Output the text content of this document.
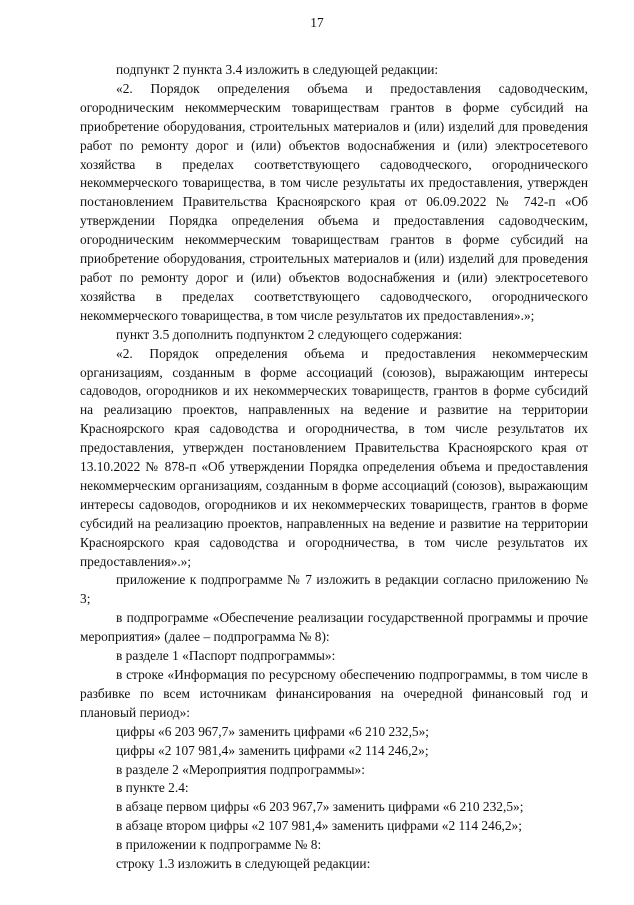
17

подпункт 2 пункта 3.4 изложить в следующей редакции:

«2. Порядок определения объема и предоставления садоводческим, огородническим некоммерческим товариществам грантов в форме субсидий на приобретение оборудования, строительных материалов и (или) изделий для проведения работ по ремонту дорог и (или) объектов водоснабжения и (или) электросетевого хозяйства в пределах соответствующего садоводческого, огороднического некоммерческого товарищества, в том числе результаты их предоставления, утвержден постановлением Правительства Красноярского края от 06.09.2022 № 742-п «Об утверждении Порядка определения объема и предоставления садоводческим, огородническим некоммерческим товариществам грантов в форме субсидий на приобретение оборудования, строительных материалов и (или) изделий для проведения работ по ремонту дорог и (или) объектов водоснабжения и (или) электросетевого хозяйства в пределах соответствующего садоводческого, огороднического некоммерческого товарищества, в том числе результатов их предоставления».»;

пункт 3.5 дополнить подпунктом 2 следующего содержания:

«2. Порядок определения объема и предоставления некоммерческим организациям, созданным в форме ассоциаций (союзов), выражающим интересы садоводов, огородников и их некоммерческих товариществ, грантов в форме субсидий на реализацию проектов, направленных на ведение и развитие на территории Красноярского края садоводства и огородничества, в том числе результатов их предоставления, утвержден постановлением Правительства Красноярского края от 13.10.2022 № 878-п «Об утверждении Порядка определения объема и предоставления некоммерческим организациям, созданным в форме ассоциаций (союзов), выражающим интересы садоводов, огородников и их некоммерческих товариществ, грантов в форме субсидий на реализацию проектов, направленных на ведение и развитие на территории Красноярского края садоводства и огородничества, в том числе результатов их предоставления».»;

приложение к подпрограмме № 7 изложить в редакции согласно приложению № 3;

в подпрограмме «Обеспечение реализации государственной программы и прочие мероприятия» (далее – подпрограмма № 8):

в разделе 1 «Паспорт подпрограммы»:

в строке «Информация по ресурсному обеспечению подпрограммы, в том числе в разбивке по всем источникам финансирования на очередной финансовый год и плановый период»:

цифры «6 203 967,7» заменить цифрами «6 210 232,5»;

цифры «2 107 981,4» заменить цифрами «2 114 246,2»;

в разделе 2 «Мероприятия подпрограммы»:

в пункте 2.4:

в абзаце первом цифры «6 203 967,7» заменить цифрами «6 210 232,5»;

в абзаце втором цифры «2 107 981,4» заменить цифрами «2 114 246,2»;

в приложении к подпрограмме № 8:

строку 1.3 изложить в следующей редакции:
